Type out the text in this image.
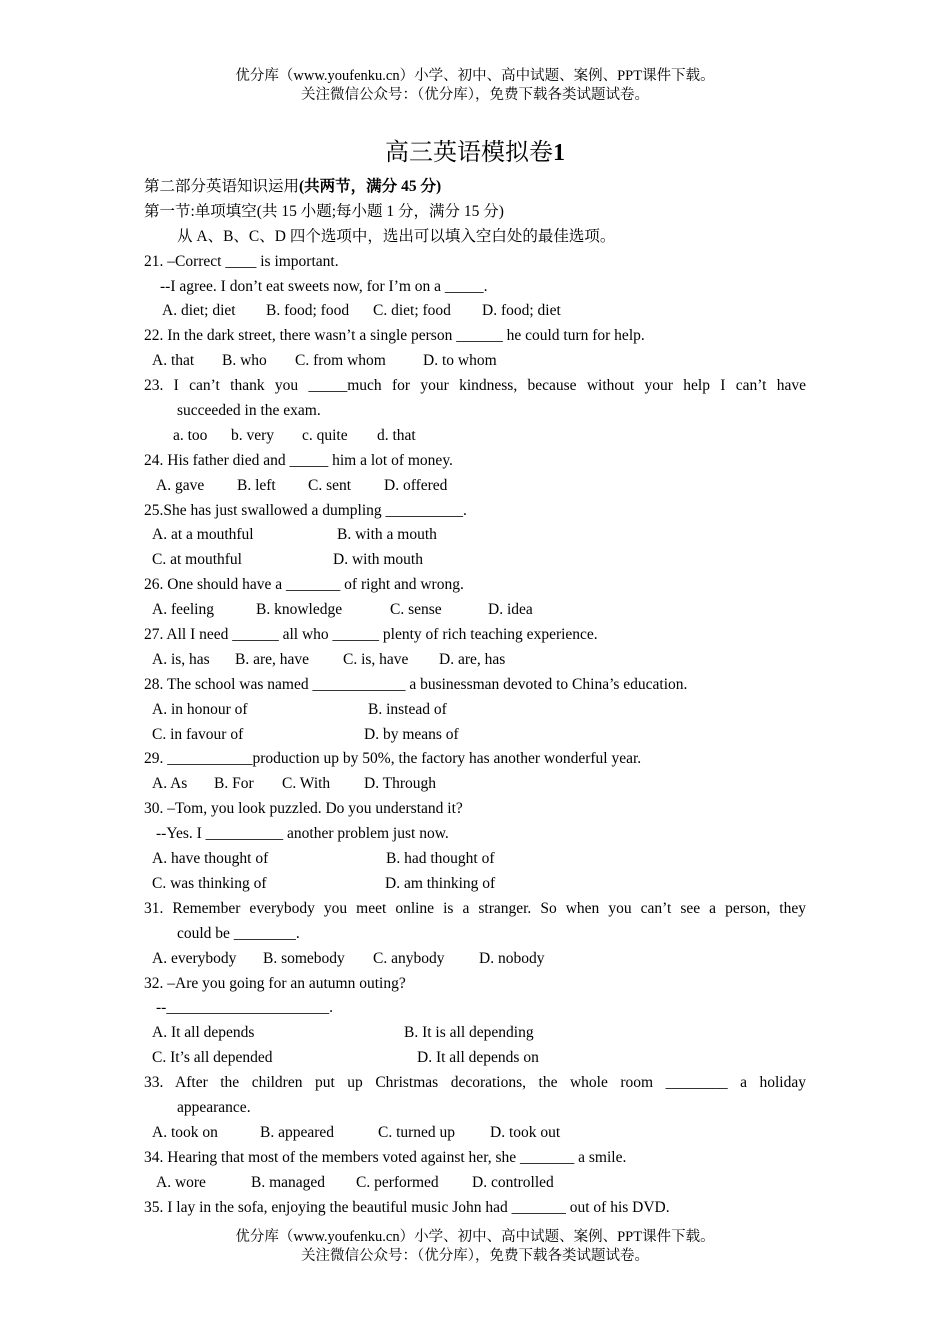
优分库（www.youfenku.cn）小学、初中、高中试题、案例、PPT课件下载。
关注微信公众号：（优分库），免费下载各类试题试卷。
高三英语模拟卷1
第二部分英语知识运用(共两节，满分 45 分)
第一节:单项填空(共 15 小题;每小题 1 分，满分 15 分)
从 A、B、C、D 四个选项中，选出可以填入空白处的最佳选项。
21. –Correct ____ is important.
--I agree. I don’t eat sweets now, for I’m on a _____.
A. diet; diet B. food; food C. diet; food D. food; diet
22. In the dark street, there wasn’t a single person ______ he could turn for help.
A. that B. who C. from whom D. to whom
23. I can’t thank you _____much for your kindness, because without your help I can’t have
succeeded in the exam.
a. too b. very c. quite d. that
24. His father died and _____ him a lot of money.
A. gave B. left C. sent D. offered
25.She has just swallowed a dumpling __________.
A. at a mouthful	B. with a mouth
C. at mouthful	D. with mouth
26. One should have a _______ of right and wrong.
A. feeling	B. knowledge	C. sense	D. idea
27. All I need ______ all who ______ plenty of rich teaching experience.
A. is, has B. are, have C. is, have D. are, has
28. The school was named ____________ a businessman devoted to China’s education.
A. in honour of	B. instead of
C. in favour of	D. by means of
29. ___________production up by 50%, the factory has another wonderful year.
A. As B. For C. With D. Through
30. –Tom, you look puzzled. Do you understand it?
--Yes. I __________ another problem just now.
A. have thought of	B. had thought of
C. was thinking of	D. am thinking of
31. Remember everybody you meet online is a stranger. So when you can’t see a person, they
could be ________.
A. everybody B. somebody C. anybody D. nobody
32. –Are you going for an autumn outing?
--_____________________.
A. It all depends	B. It is all depending
C. It’s all depended	D. It all depends on
33. After the children put up Christmas decorations, the whole room ________ a holiday
appearance.
A. took on	B. appeared	C. turned up D. took out
34. Hearing that most of the members voted against her, she _______ a smile.
A. wore	B. managed C. performed D. controlled
35. I lay in the sofa, enjoying the beautiful music John had _______ out of his DVD.
优分库（www.youfenku.cn）小学、初中、高中试题、案例、PPT课件下载。
关注微信公众号：（优分库），免费下载各类试题试卷。
